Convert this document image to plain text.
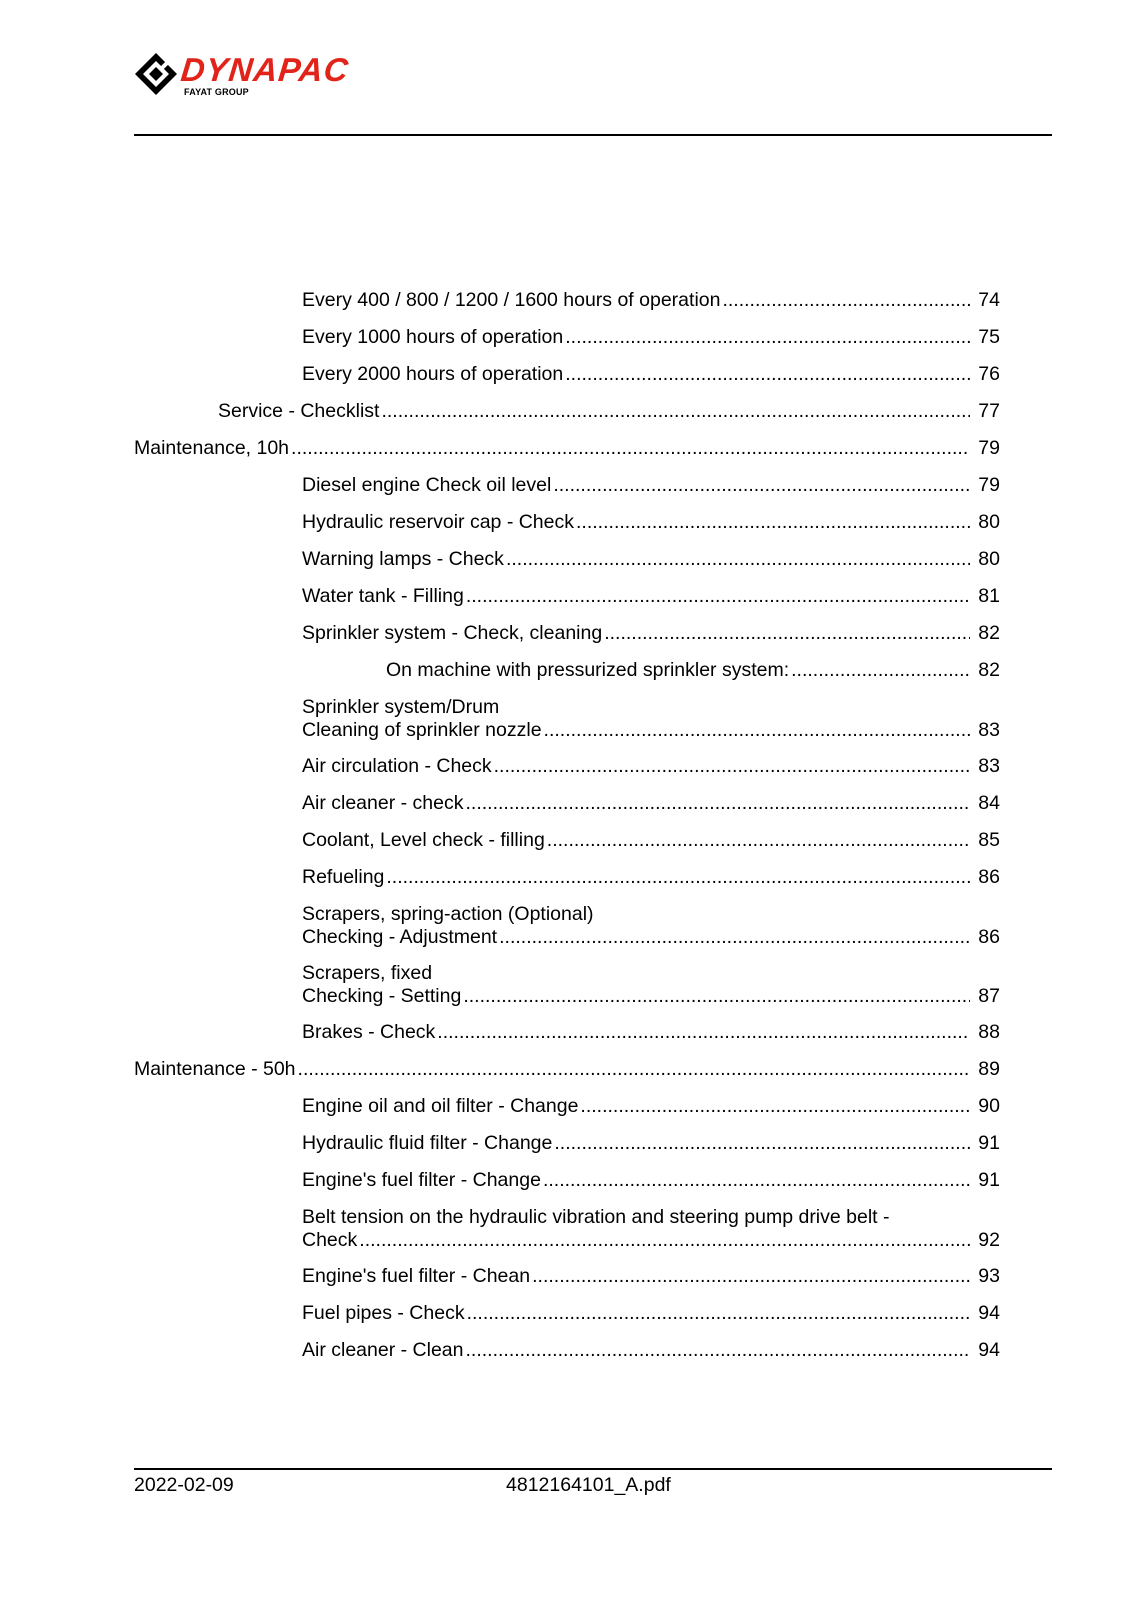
DYNAPAC
FAYAT GROUP
Every 400 / 800 / 1200 / 1600 hours of operation .....	74
Every 1000 hours of operation .....	75
Every 2000 hours of operation .....	76
Service - Checklist .....	77
Maintenance, 10h .....	79
Diesel engine Check oil level .....	79
Hydraulic reservoir cap - Check .....	80
Warning lamps - Check .....	80
Water tank - Filling .....	81
Sprinkler system - Check, cleaning .....	82
On machine with pressurized sprinkler system: .....	82
Sprinkler system/Drum
Cleaning of sprinkler nozzle .....	83
Air circulation - Check .....	83
Air cleaner - check .....	84
Coolant, Level check - filling .....	85
Refueling .....	86
Scrapers, spring-action (Optional)
Checking - Adjustment .....	86
Scrapers, fixed
Checking - Setting .....	87
Brakes - Check .....	88
Maintenance - 50h .....	89
Engine oil and oil filter - Change .....	90
Hydraulic fluid filter - Change .....	91
Engine's fuel filter - Change .....	91
Belt tension on the hydraulic vibration and steering pump drive belt -
Check .....	92
Engine's fuel filter - Chean .....	93
Fuel pipes - Check .....	94
Air cleaner - Clean .....	94
2022-02-09	4812164101_A.pdf
